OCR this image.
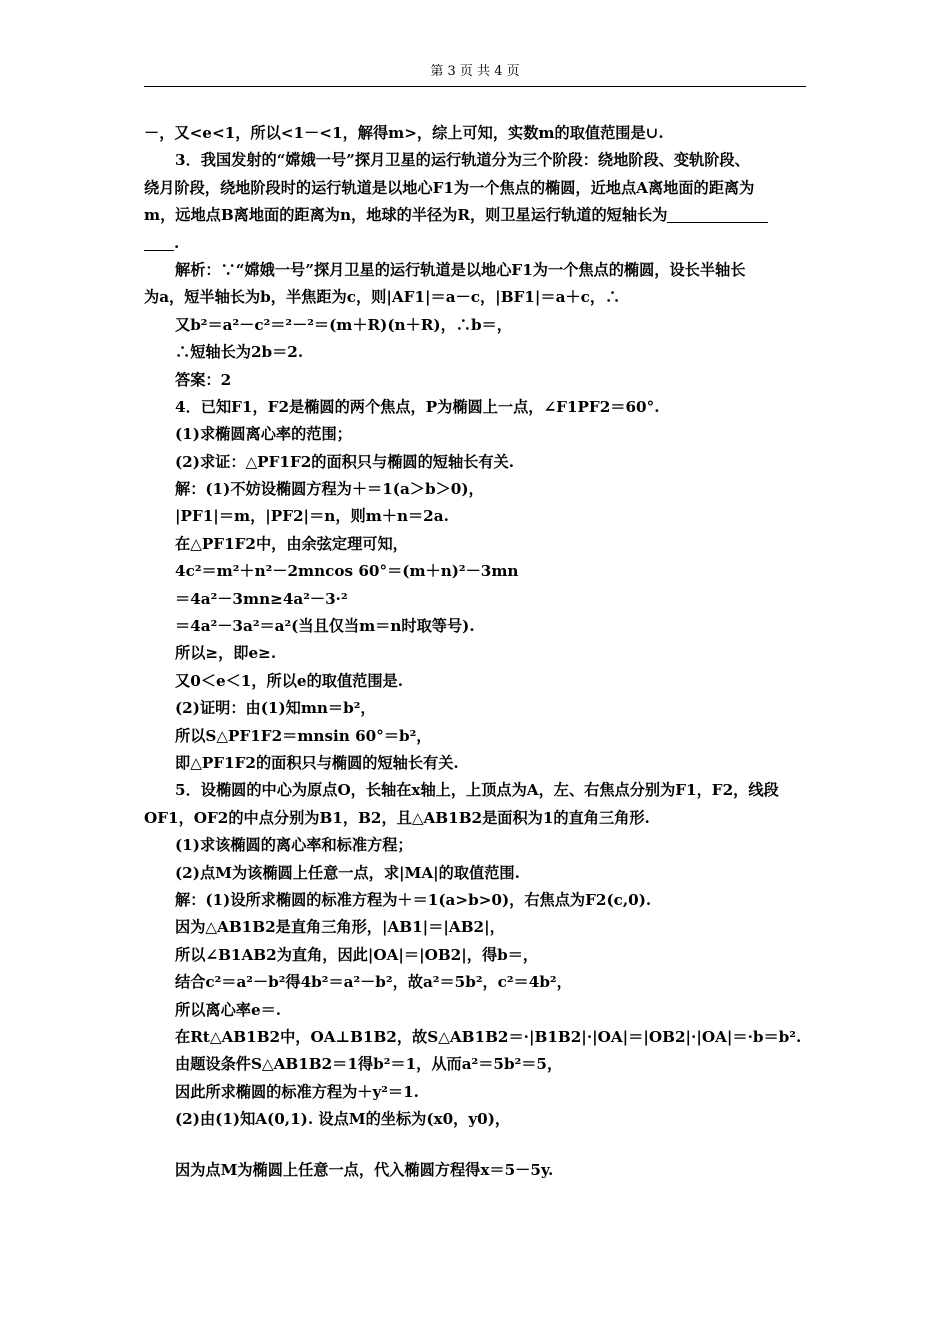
第 3 页 共 4 页
－，又<e<1，所以<1－<1，解得m>，综上可知，实数m的取值范围是∪.
3．我国发射的“嫦娥一号”探月卫星的运行轨道分为三个阶段：绕地阶段、变轨阶段、
绕月阶段，绕地阶段时的运行轨道是以地心F1为一个焦点的椭圆，近地点A离地面的距离为
m，远地点B离地面的距离为n，地球的半径为R，则卫星运行轨道的短轴长为
.
解析：∵“嫦娥一号”探月卫星的运行轨道是以地心F1为一个焦点的椭圆，设长半轴长
为a，短半轴长为b，半焦距为c，则|AF1|＝a－c，|BF1|＝a＋c，∴
又b²＝a²－c²＝²－²＝(m＋R)(n＋R)，∴b＝，
∴短轴长为2b＝2.
答案：2
4．已知F1，F2是椭圆的两个焦点，P为椭圆上一点，∠F1PF2＝60°.
(1)求椭圆离心率的范围；
(2)求证：△PF1F2的面积只与椭圆的短轴长有关.
解：(1)不妨设椭圆方程为＋＝1(a＞b＞0)，
|PF1|＝m，|PF2|＝n，则m＋n＝2a.
在△PF1F2中，由余弦定理可知，
4c²＝m²＋n²－2mncos 60°＝(m＋n)²－3mn
＝4a²－3mn≥4a²－3·²
＝4a²－3a²＝a²(当且仅当m＝n时取等号).
所以≥，即e≥.
又0＜e＜1，所以e的取值范围是.
(2)证明：由(1)知mn＝b²，
所以S△PF1F2＝mnsin 60°＝b²，
即△PF1F2的面积只与椭圆的短轴长有关.
5．设椭圆的中心为原点O，长轴在x轴上，上顶点为A，左、右焦点分别为F1，F2，线段
OF1，OF2的中点分别为B1，B2，且△AB1B2是面积为1的直角三角形.
(1)求该椭圆的离心率和标准方程；
(2)点M为该椭圆上任意一点，求|MA|的取值范围.
解：(1)设所求椭圆的标准方程为＋＝1(a>b>0)，右焦点为F2(c,0).
因为△AB1B2是直角三角形，|AB1|＝|AB2|，
所以∠B1AB2为直角，因此|OA|＝|OB2|，得b＝，
结合c²＝a²－b²得4b²＝a²－b²，故a²＝5b²，c²＝4b²，
所以离心率e＝.
在Rt△AB1B2中，OA⊥B1B2，故S△AB1B2＝·|B1B2|·|OA|＝|OB2|·|OA|＝·b＝b².
由题设条件S△AB1B2＝1得b²＝1，从而a²＝5b²＝5，
因此所求椭圆的标准方程为＋y²＝1.
(2)由(1)知A(0,1). 设点M的坐标为(x0，y0)，
因为点M为椭圆上任意一点，代入椭圆方程得x＝5－5y.
